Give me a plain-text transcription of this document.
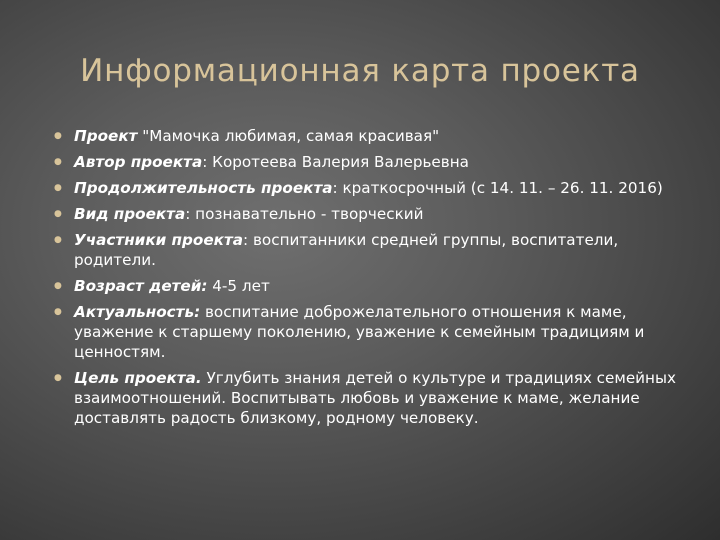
Информационная карта проекта
● Проект "Мамочка любимая, самая красивая"
● Автор проекта: Коротеева Валерия Валерьевна
● Продолжительность проекта: краткосрочный (с 14. 11. – 26. 11. 2016)
● Вид проекта: познавательно - творческий
● Участники проекта: воспитанники средней группы, воспитатели, родители.
● Возраст детей: 4-5 лет
● Актуальность: воспитание доброжелательного отношения к маме, уважение к старшему поколению, уважение к семейным традициям и ценностям.
● Цель проекта. Углубить знания детей о культуре и традициях семейных взаимоотношений. Воспитывать любовь и уважение к маме, желание доставлять радость близкому, родному человеку.
